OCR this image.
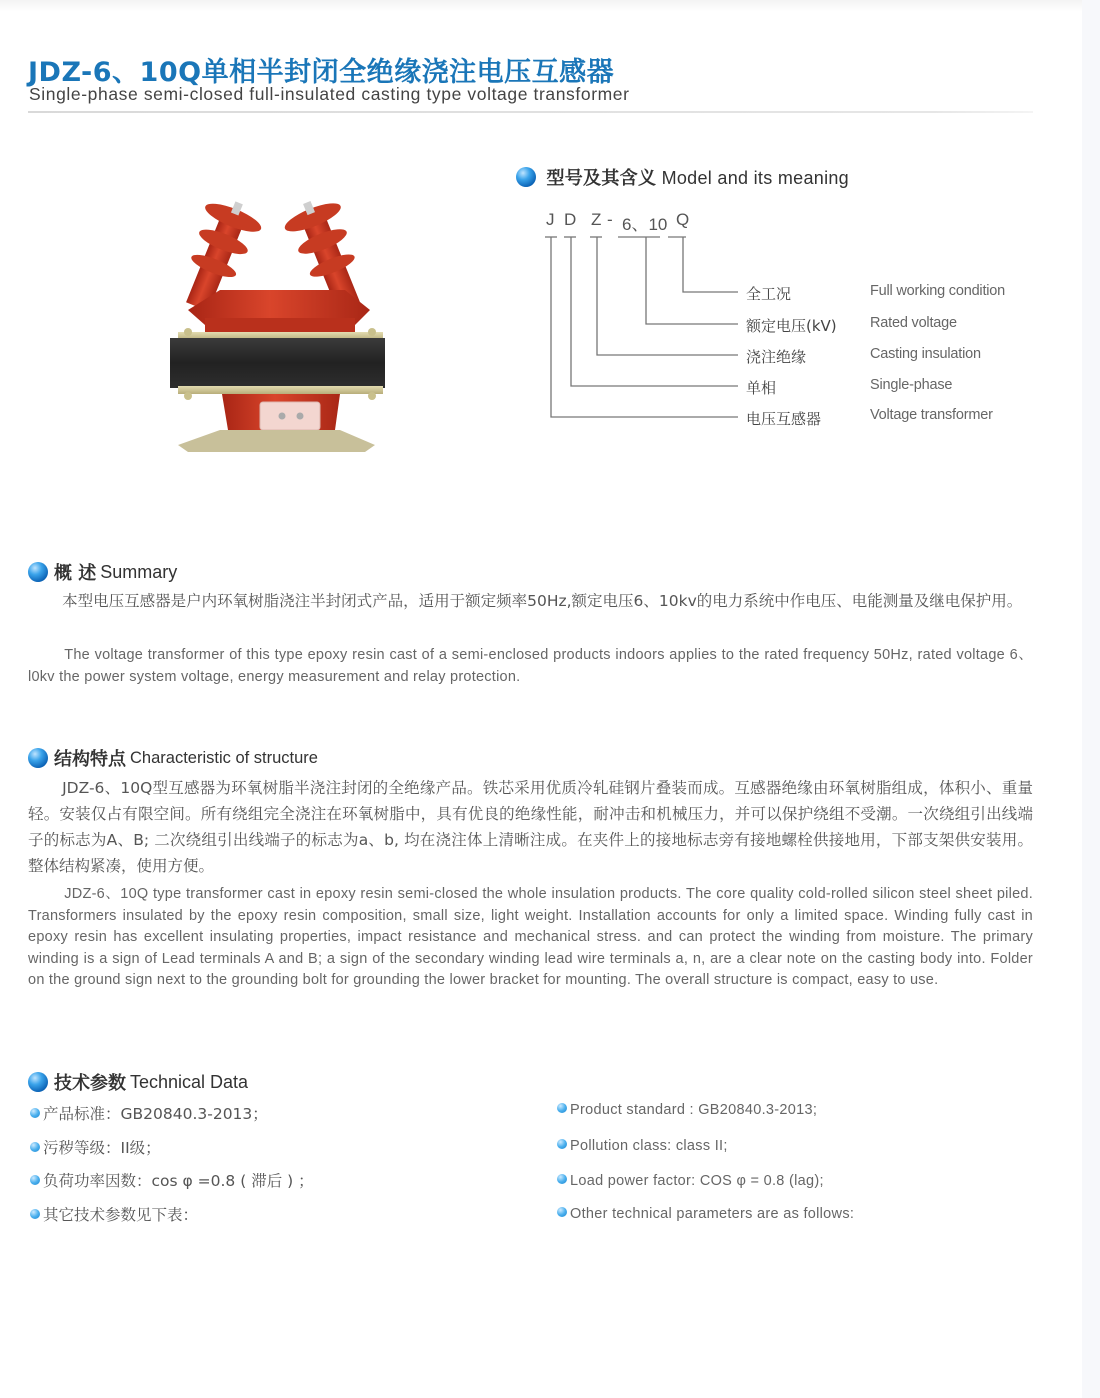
JDZ-6、10Q单相半封闭全绝缘浇注电压互感器
Single-phase semi-closed full-insulated casting type voltage transformer
型号及其含义 Model and its meaning
J D Z - 6、10 Q
全工况
额定电压(kV)
浇注绝缘
单相
电压互感器
Full working condition
Rated voltage
Casting insulation
Single-phase
Voltage transformer
概 述 Summary
本型电压互感器是户内环氧树脂浇注半封闭式产品，适用于额定频率50Hz,额定电压6、10kv的电力系统中作电压、电能测量及继电保护用。
The voltage transformer of this type epoxy resin cast of a semi-enclosed products indoors applies to the rated frequency 50Hz, rated voltage 6、l0kv the power system voltage, energy measurement and relay protection.
结构特点 Characteristic of structure
JDZ-6、10Q型互感器为环氧树脂半浇注封闭的全绝缘产品。铁芯采用优质冷轧硅钢片叠装而成。互感器绝缘由环氧树脂组成，体积小、重量轻。安装仅占有限空间。所有绕组完全浇注在环氧树脂中，具有优良的绝缘性能，耐冲击和机械压力，并可以保护绕组不受潮。一次绕组引出线端子的标志为A、B; 二次绕组引出线端子的标志为a、b, 均在浇注体上清晰注成。在夹件上的接地标志旁有接地螺栓供接地用，下部支架供安装用。整体结构紧凑，使用方便。
JDZ-6、10Q type transformer cast in epoxy resin semi-closed the whole insulation products. The core quality cold-rolled silicon steel sheet piled. Transformers insulated by the epoxy resin composition, small size, light weight. Installation accounts for only a limited space. Winding fully cast in epoxy resin has excellent insulating properties, impact resistance and mechanical stress. and can protect the winding from moisture. The primary winding is a sign of Lead terminals A and B; a sign of the secondary winding lead wire terminals a, n, are a clear note on the casting body into. Folder on the ground sign next to the grounding bolt for grounding the lower bracket for mounting. The overall structure is compact, easy to use.
技术参数 Technical Data
产品标准：GB20840.3-2013；
污秽等级：II级；
负荷功率因数：cos φ =0.8 ( 滞后 ) ；
其它技术参数见下表：
Product standard : GB20840.3-2013;
Pollution class: class II;
Load power factor: COS φ = 0.8 (lag);
Other technical parameters are as follows:
